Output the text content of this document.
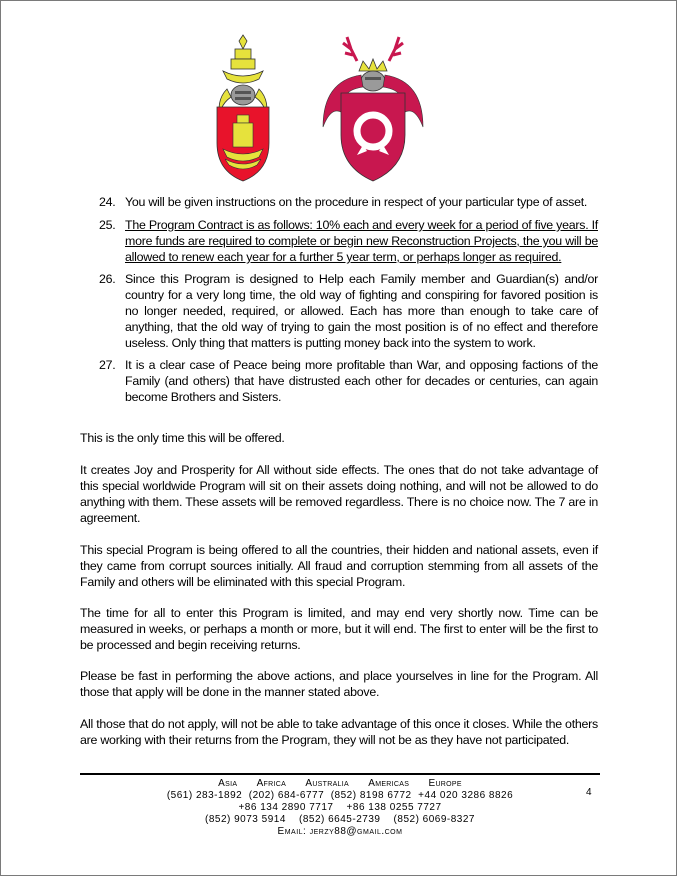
24. You will be given instructions on the procedure in respect of your particular type of asset.
25. The Program Contract is as follows: 10% each and every week for a period of five years. If more funds are required to complete or begin new Reconstruction Projects, the you will be allowed to renew each year for a further 5 year term, or perhaps longer as required.
26. Since this Program is designed to Help each Family member and Guardian(s) and/or country for a very long time, the old way of fighting and conspiring for favored position is no longer needed, required, or allowed. Each has more than enough to take care of anything, that the old way of trying to gain the most position is of no effect and therefore useless. Only thing that matters is putting money back into the system to work.
27. It is a clear case of Peace being more profitable than War, and opposing factions of the Family (and others) that have distrusted each other for decades or centuries, can again become Brothers and Sisters.

This is the only time this will be offered.

It creates Joy and Prosperity for All without side effects. The ones that do not take advantage of this special worldwide Program will sit on their assets doing nothing, and will not be allowed to do anything with them. These assets will be removed regardless. There is no choice now. The 7 are in agreement.

This special Program is being offered to all the countries, their hidden and national assets, even if they came from corrupt sources initially. All fraud and corruption stemming from all assets of the Family and others will be eliminated with this special Program.

The time for all to enter this Program is limited, and may end very shortly now. Time can be measured in weeks, or perhaps a month or more, but it will end. The first to enter will be the first to be processed and begin receiving returns.

Please be fast in performing the above actions, and place yourselves in line for the Program. All those that apply will be done in the manner stated above.

All those that do not apply, will not be able to take advantage of this once it closes. While the others are working with their returns from the Program, they will not be as they have not participated.

Asia Africa Australia Americas Europe
(561) 283-1892  (202) 684-6777  (852) 8198 6772  +44 020 3286 8826
+86 134 2890 7717    +86 138 0255 7727
(852) 9073 5914    (852) 6645-2739    (852) 6069-8327
Email: jerzy88@gmail.com
4
